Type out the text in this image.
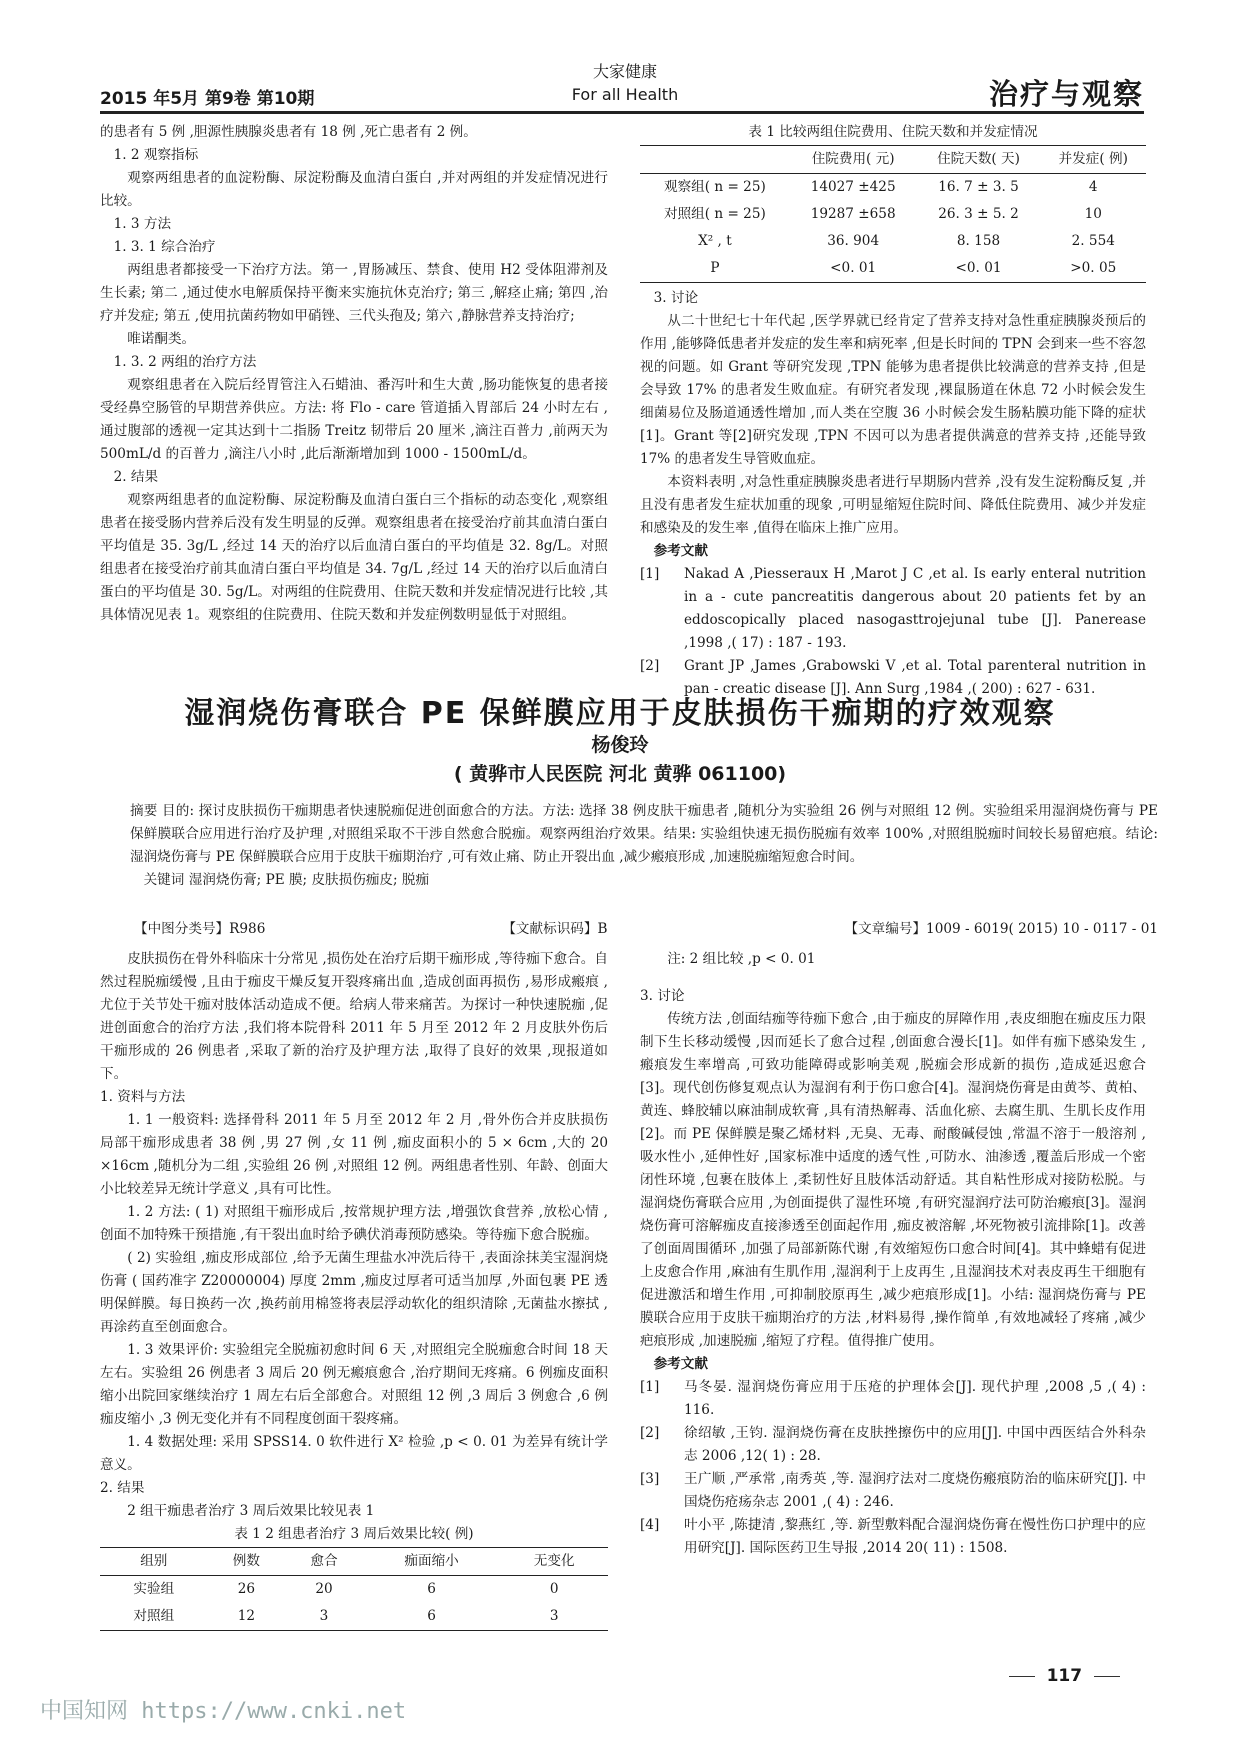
2015 年5月 第9卷 第10期
大家健康
For all Health	治疗与观察

的患者有 5 例 ,胆源性胰腺炎患者有 18 例 ,死亡患者有 2 例。

1. 2 观察指标

观察两组患者的血淀粉酶、尿淀粉酶及血清白蛋白 ,并对两组的并发症情况进行比较。

1. 3 方法

1. 3. 1 综合治疗

两组患者都接受一下治疗方法。第一 ,胃肠减压、禁食、使用 H2 受体阻滞剂及生长素; 第二 ,通过使水电解质保持平衡来实施抗休克治疗; 第三 ,解痉止痛; 第四 ,治疗并发症; 第五 ,使用抗菌药物如甲硝锉、三代头孢及; 第六 ,静脉营养支持治疗;

唯诺酮类。

1. 3. 2 两组的治疗方法

观察组患者在入院后经胃管注入石蜡油、番泻叶和生大黄 ,肠功能恢复的患者接受经鼻空肠管的早期营养供应。方法: 将 Flo - care 管道插入胃部后 24 小时左右 ,通过腹部的透视一定其达到十二指肠 Treitz 韧带后 20 厘米 ,滴注百普力 ,前两天为 500mL/d 的百普力 ,滴注八小时 ,此后渐渐增加到 1000 - 1500mL/d。

2. 结果

观察两组患者的血淀粉酶、尿淀粉酶及血清白蛋白三个指标的动态变化 ,观察组患者在接受肠内营养后没有发生明显的反弹。观察组患者在接受治疗前其血清白蛋白平均值是 35. 3g/L ,经过 14 天的治疗以后血清白蛋白的平均值是 32. 8g/L。对照组患者在接受治疗前其血清白蛋白平均值是 34. 7g/L ,经过 14 天的治疗以后血清白蛋白的平均值是 30. 5g/L。对两组的住院费用、住院天数和并发症情况进行比较 ,其具体情况见表 1。观察组的住院费用、住院天数和并发症例数明显低于对照组。

表 1 比较两组住院费用、住院天数和并发症情况
	住院费用( 元)	住院天数( 天)	并发症( 例)
观察组( n = 25)	14027 ±425	16. 7 ± 3. 5	4
对照组( n = 25)	19287 ±658	26. 3 ± 5. 2	10
X² , t	36. 904	8. 158	2. 554
P	<0. 01	<0. 01	>0. 05

3. 讨论

从二十世纪七十年代起 ,医学界就已经肯定了营养支持对急性重症胰腺炎预后的作用 ,能够降低患者并发症的发生率和病死率 ,但是长时间的 TPN 会到来一些不容忽视的问题。如 Grant 等研究发现 ,TPN 能够为患者提供比较满意的营养支持 ,但是会导致 17% 的患者发生败血症。有研究者发现 ,裸鼠肠道在休息 72 小时候会发生细菌易位及肠道通透性增加 ,而人类在空腹 36 小时候会发生肠粘膜功能下降的症状[1]。Grant 等[2]研究发现 ,TPN 不因可以为患者提供满意的营养支持 ,还能导致 17% 的患者发生导管败血症。

本资料表明 ,对急性重症胰腺炎患者进行早期肠内营养 ,没有发生淀粉酶反复 ,并且没有患者发生症状加重的现象 ,可明显缩短住院时间、降低住院费用、减少并发症和感染及的发生率 ,值得在临床上推广应用。

参考文献

[1]	Nakad A ,Piesseraux H ,Marot J C ,et al. Is early enteral nutrition in a - cute pancreatitis dangerous about 20 patients fet by an eddoscopically placed nasogasttrojejunal tube [J]. Panerease ,1998 ,( 17) : 187 - 193.
[2]	Grant JP ,James ,Grabowski V ,et al. Total parenteral nutrition in pan - creatic disease [J]. Ann Surg ,1984 ,( 200) : 627 - 631.
湿润烧伤膏联合 PE 保鲜膜应用于皮肤损伤干痂期的疗效观察
杨俊玲
( 黄骅市人民医院 河北 黄骅 061100)

摘要 目的: 探讨皮肤损伤干痂期患者快速脱痂促进创面愈合的方法。方法: 选择 38 例皮肤干痂患者 ,随机分为实验组 26 例与对照组 12 例。实验组采用湿润烧伤膏与 PE 保鲜膜联合应用进行治疗及护理 ,对照组采取不干涉自然愈合脱痂。观察两组治疗效果。结果: 实验组快速无损伤脱痂有效率 100% ,对照组脱痂时间较长易留疤痕。结论: 湿润烧伤膏与 PE 保鲜膜联合应用于皮肤干痂期治疗 ,可有效止痛、防止开裂出血 ,减少瘢痕形成 ,加速脱痂缩短愈合时间。

关键词 湿润烧伤膏; PE 膜; 皮肤损伤痂皮; 脱痂

【中图分类号】R986	【文献标识码】B	【文章编号】1009 - 6019( 2015) 10 - 0117 - 01

皮肤损伤在骨外科临床十分常见 ,损伤处在治疗后期干痂形成 ,等待痂下愈合。自然过程脱痂缓慢 ,且由于痂皮干燥反复开裂疼痛出血 ,造成创面再损伤 ,易形成瘢痕 ,尤位于关节处干痂对肢体活动造成不便。给病人带来痛苦。为探讨一种快速脱痂 ,促进创面愈合的治疗方法 ,我们将本院骨科 2011 年 5 月至 2012 年 2 月皮肤外伤后干痂形成的 26 例患者 ,采取了新的治疗及护理方法 ,取得了良好的效果 ,现报道如下。

1. 资料与方法

1. 1 一般资料: 选择骨科 2011 年 5 月至 2012 年 2 月 ,骨外伤合并皮肤损伤局部干痂形成患者 38 例 ,男 27 例 ,女 11 例 ,痂皮面积小的 5 × 6cm ,大的 20 ×16cm ,随机分为二组 ,实验组 26 例 ,对照组 12 例。两组患者性别、年龄、创面大小比较差异无统计学意义 ,具有可比性。

1. 2 方法: ( 1) 对照组干痂形成后 ,按常规护理方法 ,增强饮食营养 ,放松心情 ,创面不加特殊干预措施 ,有干裂出血时给予碘伏消毒预防感染。等待痂下愈合脱痂。

( 2) 实验组 ,痂皮形成部位 ,给予无菌生理盐水冲洗后待干 ,表面涂抹美宝湿润烧伤膏 ( 国药准字 Z20000004) 厚度 2mm ,痂皮过厚者可适当加厚 ,外面包裹 PE 透明保鲜膜。每日换药一次 ,换药前用棉签将表层浮动软化的组织清除 ,无菌盐水擦拭 ,再涂药直至创面愈合。

1. 3 效果评价: 实验组完全脱痂初愈时间 6 天 ,对照组完全脱痂愈合时间 18 天左右。实验组 26 例患者 3 周后 20 例无瘢痕愈合 ,治疗期间无疼痛。6 例痂皮面积缩小出院回家继续治疗 1 周左右后全部愈合。对照组 12 例 ,3 周后 3 例愈合 ,6 例痂皮缩小 ,3 例无变化并有不同程度创面干裂疼痛。

1. 4 数据处理: 采用 SPSS14. 0 软件进行 X² 检验 ,p < 0. 01 为差异有统计学意义。

2. 结果

2 组干痂患者治疗 3 周后效果比较见表 1

表 1 2 组患者治疗 3 周后效果比较( 例)
组别	例数	愈合	痂面缩小	无变化
实验组	26	20	6	0
对照组	12	3	6	3

注: 2 组比较 ,p < 0. 01

3. 讨论

传统方法 ,创面结痂等待痂下愈合 ,由于痂皮的屏障作用 ,表皮细胞在痂皮压力限制下生长移动缓慢 ,因而延长了愈合过程 ,创面愈合漫长[1]。如伴有痂下感染发生 ,瘢痕发生率增高 ,可致功能障碍或影响美观 ,脱痂会形成新的损伤 ,造成延迟愈合[3]。现代创伤修复观点认为湿润有利于伤口愈合[4]。湿润烧伤膏是由黄芩、黄柏、黄连、蜂胶辅以麻油制成软膏 ,具有清热解毒、活血化瘀、去腐生肌、生肌长皮作用[2]。而 PE 保鲜膜是聚乙烯材料 ,无臭、无毒、耐酸碱侵蚀 ,常温不溶于一般溶剂 ,吸水性小 ,延伸性好 ,国家标准中适度的透气性 ,可防水、油渗透 ,覆盖后形成一个密闭性环境 ,包裹在肢体上 ,柔韧性好且肢体活动舒适。其自粘性形成对接防松脱。与湿润烧伤膏联合应用 ,为创面提供了湿性环境 ,有研究湿润疗法可防治瘢痕[3]。湿润烧伤膏可溶解痂皮直接渗透至创面起作用 ,痂皮被溶解 ,坏死物被引流排除[1]。改善了创面周围循环 ,加强了局部新陈代谢 ,有效缩短伤口愈合时间[4]。其中蜂蜡有促进上皮愈合作用 ,麻油有生肌作用 ,湿润利于上皮再生 ,且湿润技术对表皮再生干细胞有促进激活和增生作用 ,可抑制胶原再生 ,减少疤痕形成[1]。小结: 湿润烧伤膏与 PE 膜联合应用于皮肤干痂期治疗的方法 ,材料易得 ,操作简单 ,有效地减轻了疼痛 ,减少疤痕形成 ,加速脱痂 ,缩短了疗程。值得推广使用。

参考文献

[1]	马冬晏. 湿润烧伤膏应用于压疮的护理体会[J]. 现代护理 ,2008 ,5 ,( 4) : 116.
[2]	徐绍敏 ,王钧. 湿润烧伤膏在皮肤挫擦伤中的应用[J]. 中国中西医结合外科杂志 2006 ,12( 1) : 28.
[3]	王广顺 ,严承常 ,南秀英 ,等. 湿润疗法对二度烧伤瘢痕防治的临床研究[J]. 中国烧伤疮疡杂志 2001 ,( 4) : 246.
[4]	叶小平 ,陈捷清 ,黎燕红 ,等. 新型敷料配合湿润烧伤膏在慢性伤口护理中的应用研究[J]. 国际医药卫生导报 ,2014 20( 11) : 1508.
117
中国知网 https://www.cnki.net
